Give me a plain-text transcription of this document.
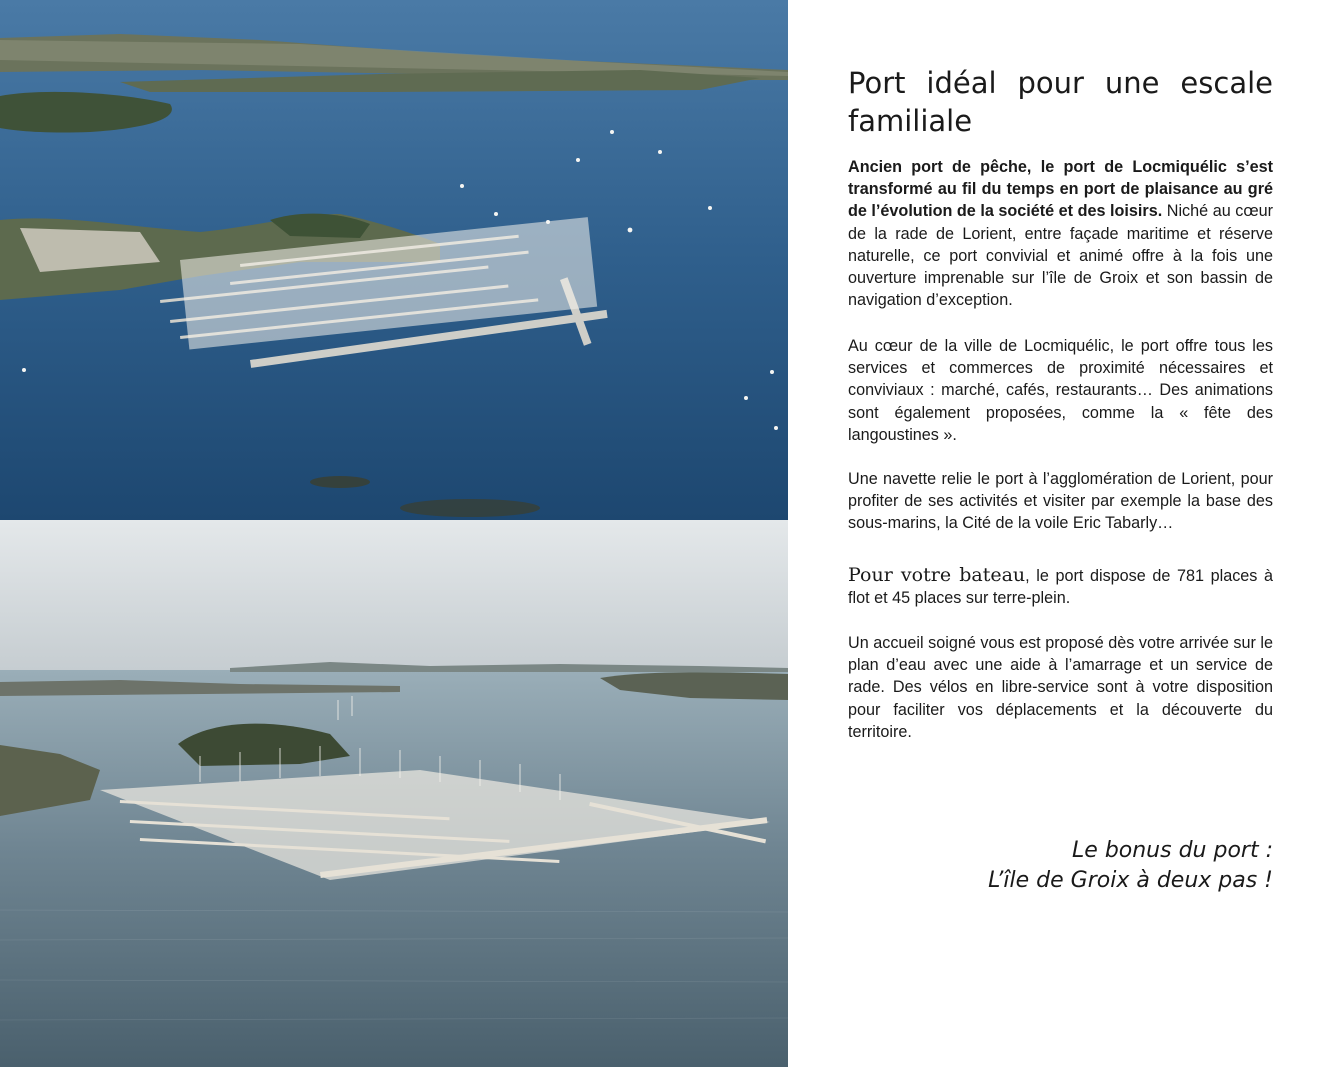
Port idéal pour une escale familiale

Ancien port de pêche, le port de Locmiquélic s’est transformé au fil du temps en port de plaisance au gré de l’évolution de la société et des loisirs. Niché au cœur de la rade de Lorient, entre façade maritime et réserve naturelle, ce port convivial et animé offre à la fois une ouverture imprenable sur l’île de Groix et son bassin de navigation d’exception.

Au cœur de la ville de Locmiquélic, le port offre tous les services et commerces de proximité nécessaires et conviviaux : marché, cafés, restaurants… Des animations sont également proposées, comme la « fête des langoustines ».

Une navette relie le port à l’agglomération de Lorient, pour profiter de ses activités et visiter par exemple la base des sous-marins, la Cité de la voile Eric Tabarly…

Pour votre bateau, le port dispose de 781 places à flot et 45 places sur terre-plein.

Un accueil soigné vous est proposé dès votre arrivée sur le plan d’eau avec une aide à l’amarrage et un service de rade. Des vélos en libre-service sont à votre disposition pour faciliter vos déplacements et la découverte du territoire.

Le bonus du port :
L’île de Groix à deux pas !
